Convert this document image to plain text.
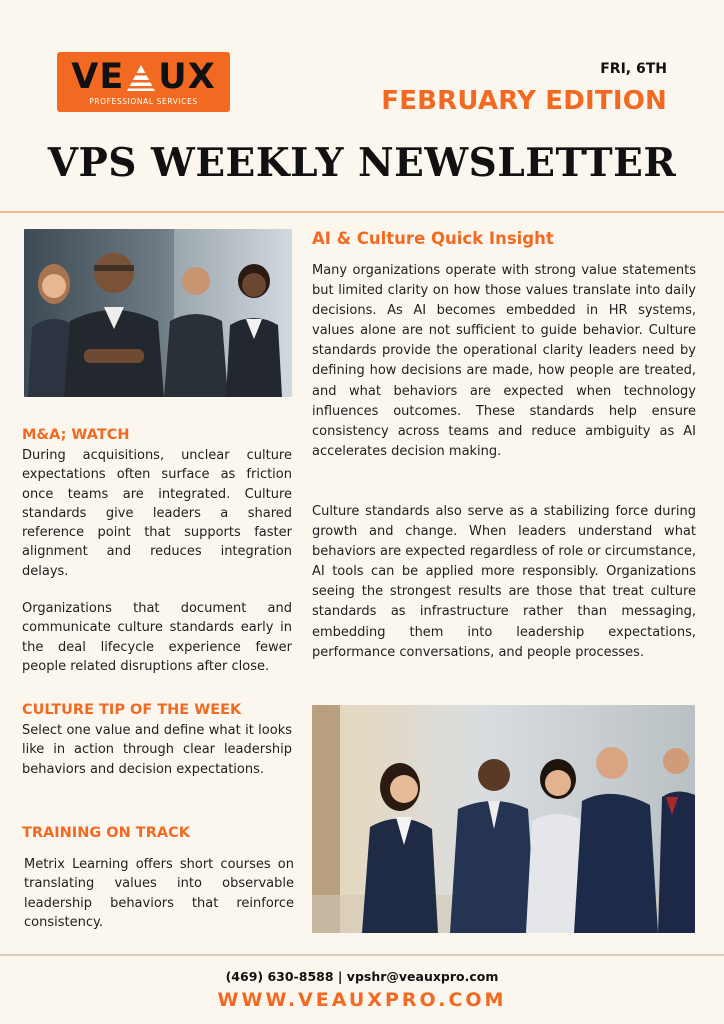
VE UX
PROFESSIONAL SERVICES
FRI, 6TH
FEBRUARY EDITION
VPS WEEKLY NEWSLETTER
M&A; WATCH
During acquisitions, unclear culture expectations often surface as friction once teams are integrated. Culture standards give leaders a shared reference point that supports faster alignment and reduces integration delays.
Organizations that document and communicate culture standards early in the deal lifecycle experience fewer people related disruptions after close.
CULTURE TIP OF THE WEEK
Select one value and define what it looks like in action through clear leadership behaviors and decision expectations.
TRAINING ON TRACK
Metrix Learning offers short courses on translating values into observable leadership behaviors that reinforce consistency.
AI & Culture Quick Insight
Many organizations operate with strong value statements but limited clarity on how those values translate into daily decisions. As AI becomes embedded in HR systems, values alone are not sufficient to guide behavior. Culture standards provide the operational clarity leaders need by defining how decisions are made, how people are treated, and what behaviors are expected when technology influences outcomes. These standards help ensure consistency across teams and reduce ambiguity as AI accelerates decision making.
Culture standards also serve as a stabilizing force during growth and change. When leaders understand what behaviors are expected regardless of role or circumstance, AI tools can be applied more responsibly. Organizations seeing the strongest results are those that treat culture standards as infrastructure rather than messaging, embedding them into leadership expectations, performance conversations, and people processes.
(469) 630-8588 | vpshr@veauxpro.com
WWW.VEAUXPRO.COM
